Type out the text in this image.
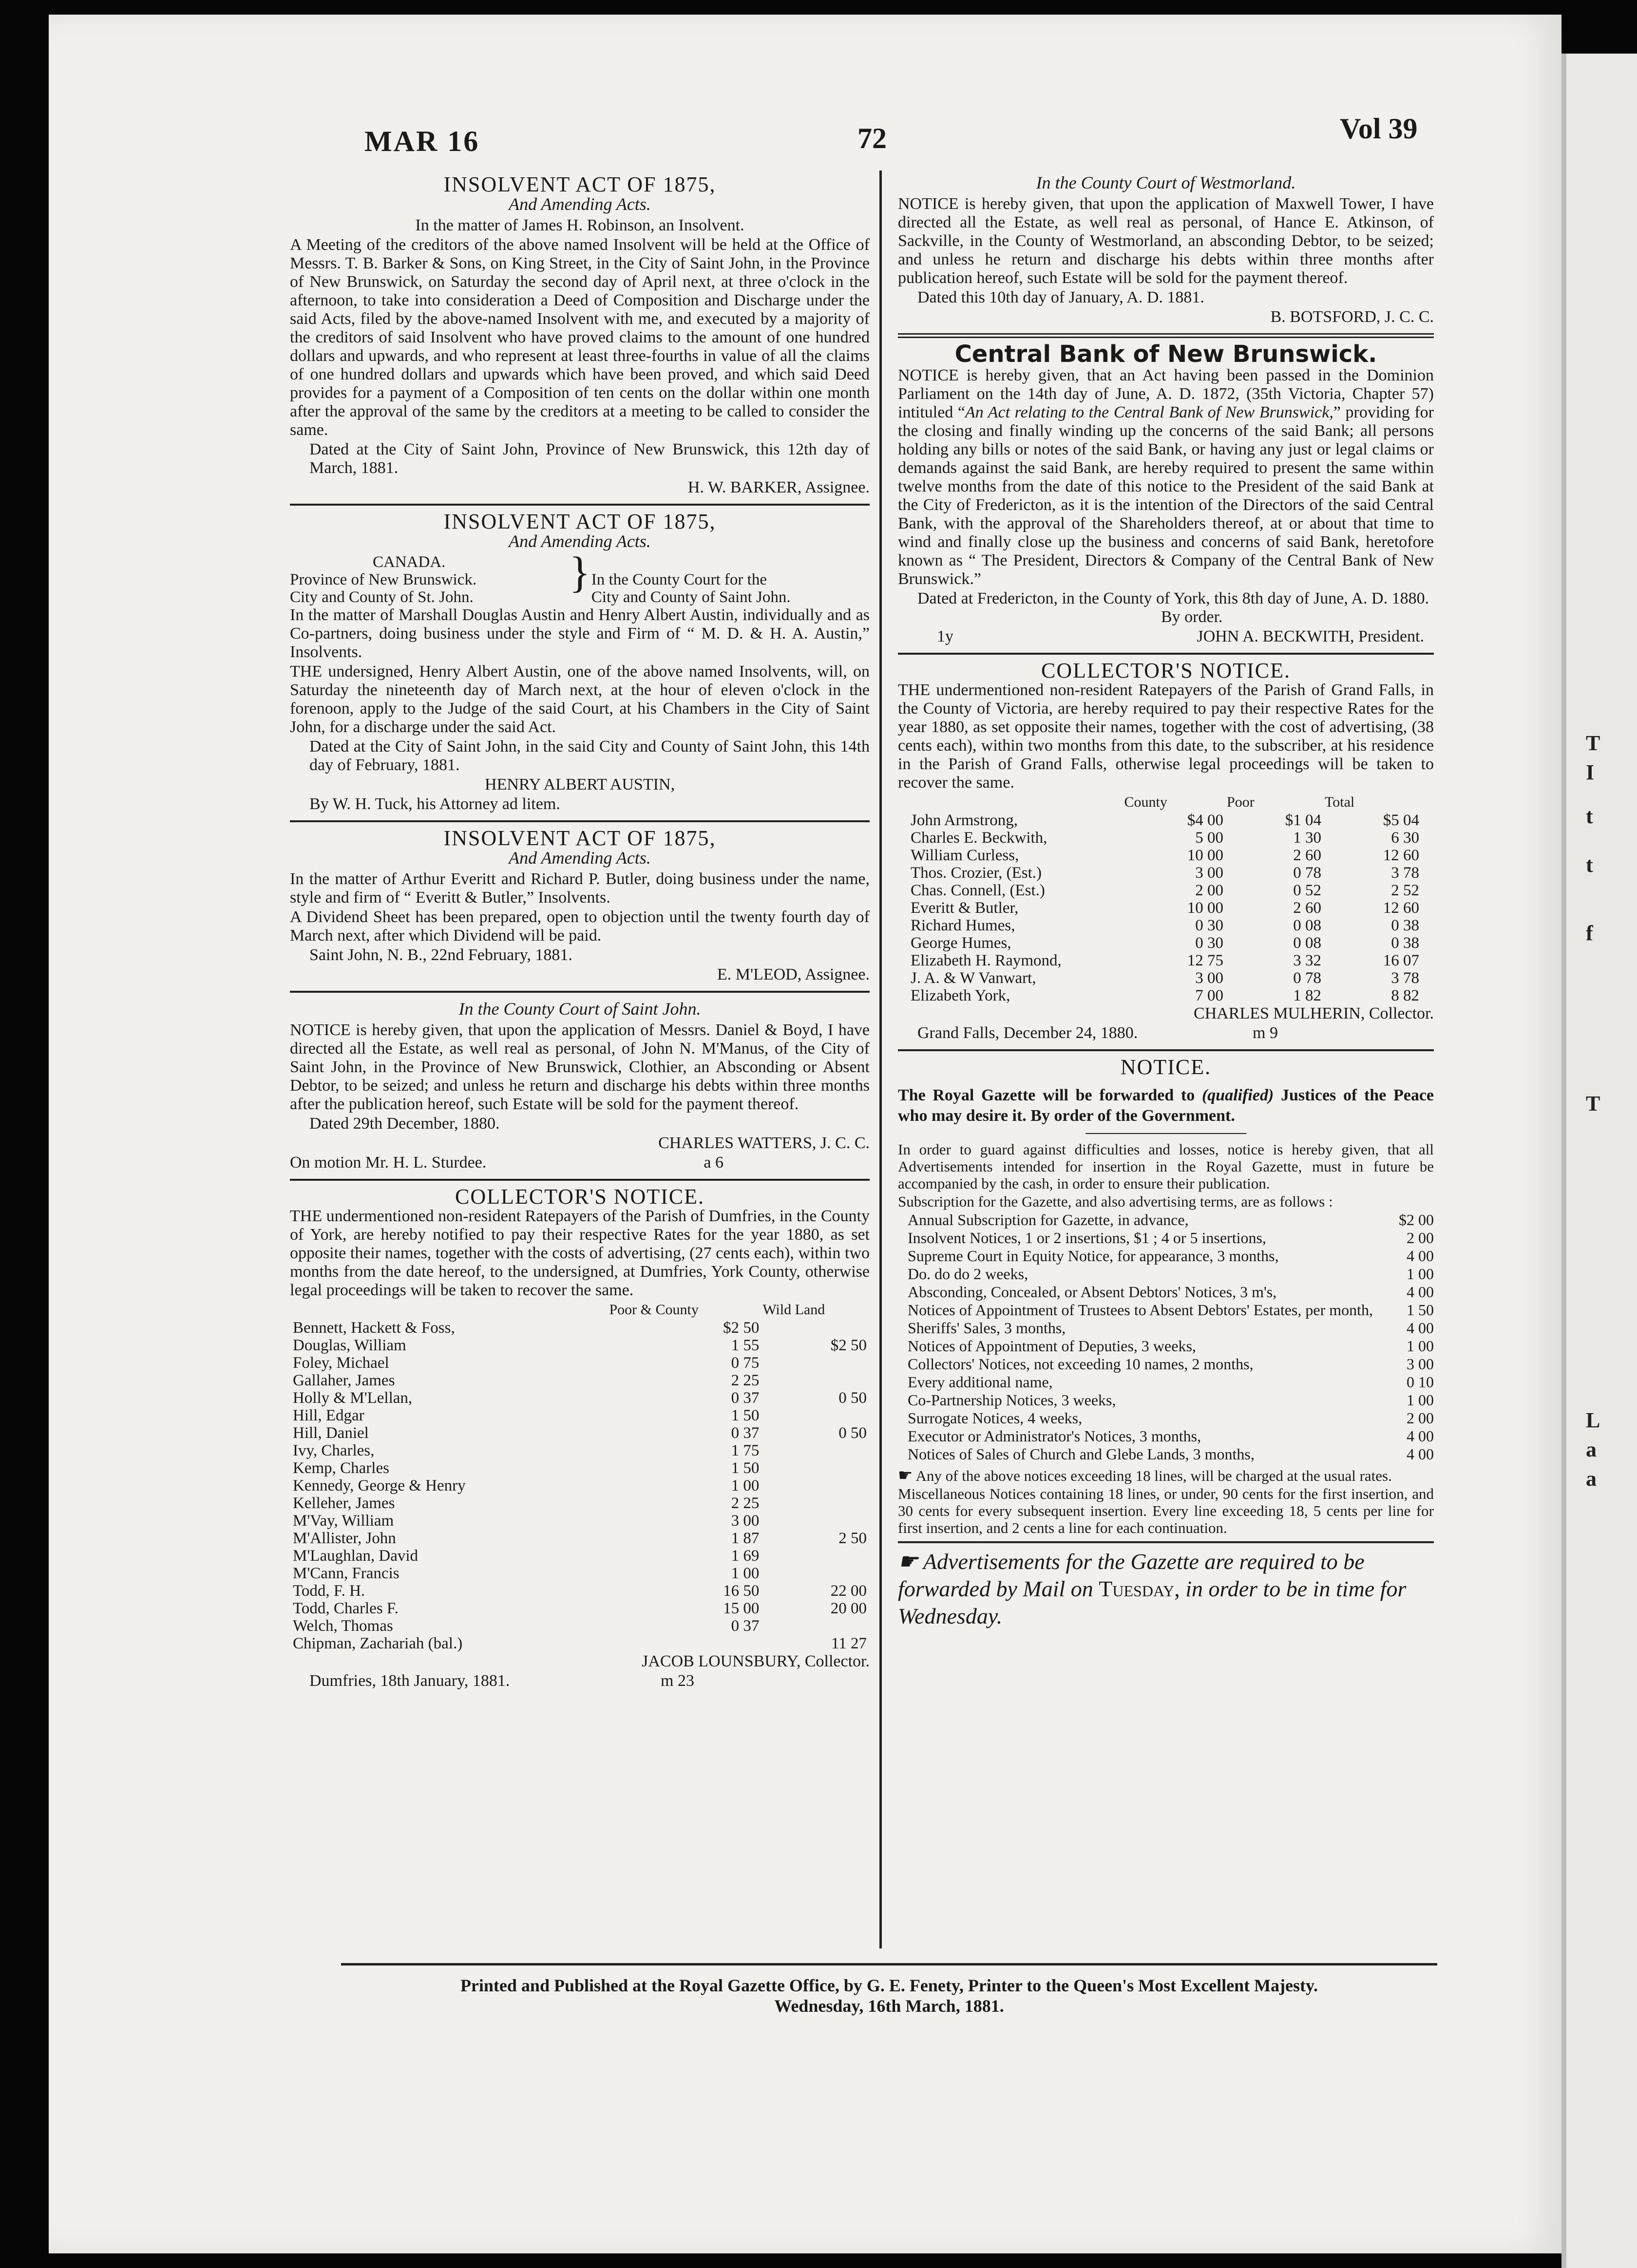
MAR 16	72	Vol 39
T
I
t
t
f
T
L
a
a
INSOLVENT ACT OF 1875,
And Amending Acts.

In the matter of James H. Robinson, an Insolvent.

A Meeting of the creditors of the above named Insolvent will be held at the Office of Messrs. T. B. Barker & Sons, on King Street, in the City of Saint John, in the Province of New Brunswick, on Saturday the second day of April next, at three o'clock in the afternoon, to take into consideration a Deed of Composition and Discharge under the said Acts, filed by the above-named Insolvent with me, and executed by a majority of the creditors of said Insolvent who have proved claims to the amount of one hundred dollars and upwards, and who represent at least three-fourths in value of all the claims of one hundred dollars and upwards which have been proved, and which said Deed provides for a payment of a Composition of ten cents on the dollar within one month after the approval of the same by the creditors at a meeting to be called to consider the same.

Dated at the City of Saint John, Province of New Brunswick, this 12th day of March, 1881.

H. W. BARKER, Assignee.

INSOLVENT ACT OF 1875,
And Amending Acts.
CANADA.
Province of New Brunswick.
City and County of St. John.
} In the County Court for the
City and County of Saint John.

In the matter of Marshall Douglas Austin and Henry Albert Austin, individually and as Co-partners, doing business under the style and Firm of “ M. D. & H. A. Austin,” Insolvents.

THE undersigned, Henry Albert Austin, one of the above named Insolvents, will, on Saturday the nineteenth day of March next, at the hour of eleven o'clock in the forenoon, apply to the Judge of the said Court, at his Chambers in the City of Saint John, for a discharge under the said Act.

Dated at the City of Saint John, in the said City and County of Saint John, this 14th day of February, 1881.

HENRY ALBERT AUSTIN,

By W. H. Tuck, his Attorney ad litem.

INSOLVENT ACT OF 1875,
And Amending Acts.

In the matter of Arthur Everitt and Richard P. Butler, doing business under the name, style and firm of “ Everitt & Butler,” Insolvents.

A Dividend Sheet has been prepared, open to objection until the twenty fourth day of March next, after which Dividend will be paid.

Saint John, N. B., 22nd February, 1881.

E. M'LEOD, Assignee.

In the County Court of Saint John.

NOTICE is hereby given, that upon the application of Messrs. Daniel & Boyd, I have directed all the Estate, as well real as personal, of John N. M'Manus, of the City of Saint John, in the Province of New Brunswick, Clothier, an Absconding or Absent Debtor, to be seized; and unless he return and discharge his debts within three months after the publication hereof, such Estate will be sold for the payment thereof.

Dated 29th December, 1880.

CHARLES WATTERS, J. C. C.

On motion Mr. H. L. Sturdee.	a 6
COLLECTOR'S NOTICE.

THE undermentioned non-resident Ratepayers of the Parish of Dumfries, in the County of York, are hereby notified to pay their respective Rates for the year 1880, as set opposite their names, together with the costs of advertising, (27 cents each), within two months from the date hereof, to the undersigned, at Dumfries, York County, otherwise legal proceedings will be taken to recover the same.

	Poor & County	Wild Land
Bennett, Hackett & Foss,	$2 50	
Douglas, William	1 55	$2 50
Foley, Michael	0 75	
Gallaher, James	2 25	
Holly & M'Lellan,	0 37	0 50
Hill, Edgar	1 50	
Hill, Daniel	0 37	0 50
Ivy, Charles,	1 75	
Kemp, Charles	1 50	
Kennedy, George & Henry	1 00	
Kelleher, James	2 25	
M'Vay, William	3 00	
M'Allister, John	1 87	2 50
M'Laughlan, David	1 69	
M'Cann, Francis	1 00	
Todd, F. H.	16 50	22 00
Todd, Charles F.	15 00	20 00
Welch, Thomas	0 37	
Chipman, Zachariah (bal.)		11 27

JACOB LOUNSBURY, Collector.

Dumfries, 18th January, 1881.	m 23
In the County Court of Westmorland.

NOTICE is hereby given, that upon the application of Maxwell Tower, I have directed all the Estate, as well real as personal, of Hance E. Atkinson, of Sackville, in the County of Westmorland, an absconding Debtor, to be seized; and unless he return and discharge his debts within three months after publication hereof, such Estate will be sold for the payment thereof.

Dated this 10th day of January, A. D. 1881.

B. BOTSFORD, J. C. C.

Central Bank of New Brunswick.

NOTICE is hereby given, that an Act having been passed in the Dominion Parliament on the 14th day of June, A. D. 1872, (35th Victoria, Chapter 57) intituled “An Act relating to the Central Bank of New Brunswick,” providing for the closing and finally winding up the concerns of the said Bank; all persons holding any bills or notes of the said Bank, or having any just or legal claims or demands against the said Bank, are hereby required to present the same within twelve months from the date of this notice to the President of the said Bank at the City of Fredericton, as it is the intention of the Directors of the said Central Bank, with the approval of the Shareholders thereof, at or about that time to wind and finally close up the business and concerns of said Bank, heretofore known as “ The President, Directors & Company of the Central Bank of New Brunswick.”

Dated at Fredericton, in the County of York, this 8th day of June, A. D. 1880.

By order.

1y	JOHN A. BECKWITH, President.
COLLECTOR'S NOTICE.

THE undermentioned non-resident Ratepayers of the Parish of Grand Falls, in the County of Victoria, are hereby required to pay their respective Rates for the year 1880, as set opposite their names, together with the cost of advertising, (38 cents each), within two months from this date, to the subscriber, at his residence in the Parish of Grand Falls, otherwise legal proceedings will be taken to recover the same.

	County	Poor	Total
John Armstrong,	$4 00	$1 04	$5 04
Charles E. Beckwith,	5 00	1 30	6 30
William Curless,	10 00	2 60	12 60
Thos. Crozier, (Est.)	3 00	0 78	3 78
Chas. Connell, (Est.)	2 00	0 52	2 52
Everitt & Butler,	10 00	2 60	12 60
Richard Humes,	0 30	0 08	0 38
George Humes,	0 30	0 08	0 38
Elizabeth H. Raymond,	12 75	3 32	16 07
J. A. & W Vanwart,	3 00	0 78	3 78
Elizabeth York,	7 00	1 82	8 82

CHARLES MULHERIN, Collector.

Grand Falls, December 24, 1880.	m 9
NOTICE.

The Royal Gazette will be forwarded to (qualified) Justices of the Peace who may desire it. By order of the Government.

In order to guard against difficulties and losses, notice is hereby given, that all Advertisements intended for insertion in the Royal Gazette, must in future be accompanied by the cash, in order to ensure their publication.

Subscription for the Gazette, and also advertising terms, are as follows :

Annual Subscription for Gazette, in advance,	$2 00
Insolvent Notices, 1 or 2 insertions, $1 ; 4 or 5 insertions,	2 00
Supreme Court in Equity Notice, for appearance, 3 months,	4 00
Do. do do 2 weeks,	1 00
Absconding, Concealed, or Absent Debtors' Notices, 3 m's,	4 00
Notices of Appointment of Trustees to Absent Debtors' Estates, per month, 1 50
Sheriffs' Sales, 3 months,	4 00
Notices of Appointment of Deputies, 3 weeks,	1 00
Collectors' Notices, not exceeding 10 names, 2 months,	3 00
Every additional name,	0 10
Co-Partnership Notices, 3 weeks,	1 00
Surrogate Notices, 4 weeks,	2 00
Executor or Administrator's Notices, 3 months,	4 00
Notices of Sales of Church and Glebe Lands, 3 months,	4 00

☛ Any of the above notices exceeding 18 lines, will be charged at the usual rates.

Miscellaneous Notices containing 18 lines, or under, 90 cents for the first insertion, and 30 cents for every subsequent insertion. Every line exceeding 18, 5 cents per line for first insertion, and 2 cents a line for each continuation.

☛ Advertisements for the Gazette are required to be forwarded by Mail on Tuesday, in order to be in time for Wednesday.

Printed and Published at the Royal Gazette Office, by G. E. Fenety, Printer to the Queen's Most Excellent Majesty.
Wednesday, 16th March, 1881.
